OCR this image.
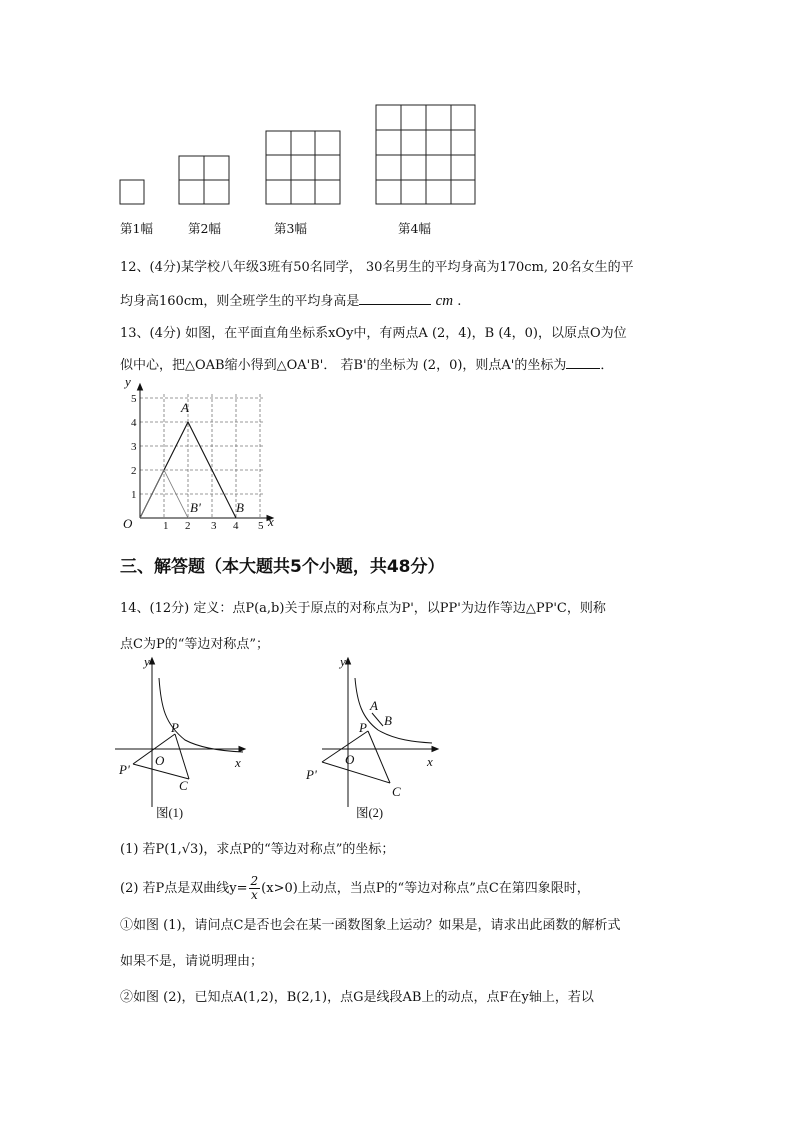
第1幅	第2幅	第3幅	第4幅
12、(4分)某学校八年级3班有50名同学， 30名男生的平均身高为170cm, 20名女生的平
均身高160cm，则全班学生的平均身高是	cm .
13、(4分) 如图，在平面直角坐标系xOy中，有两点A (2，4)，B (4，0)，以原点O为位
似中心，把△OAB缩小得到△OA'B'． 若B'的坐标为 (2，0)，则点A'的坐标为	．
1 2 3 4 5
1
2
3
4
5
y
x
O
A
B
B'
三、解答题（本大题共5个小题，共48分）
14、(12分) 定义：点P(a,b)关于原点的对称点为P'，以PP'为边作等边△PP'C，则称
点C为P的“等边对称点”；
y
x
O
P
P'
C
图(1)
y
x
O
P
A
B
P'
C
图(2)
(1) 若P(1,√3)，求点P的“等边对称点”的坐标；
(2) 若P点是双曲线$y= \frac{2}{x} (x>0)$上动点，当点P的“等边对称点”点C在第四象限时，
①如图 (1)，请问点C是否也会在某一函数图象上运动？如果是，请求出此函数的解析式
如果不是，请说明理由；
②如图 (2)，已知点A(1,2)，B(2,1)，点G是线段AB上的动点，点F在y轴上，若以
